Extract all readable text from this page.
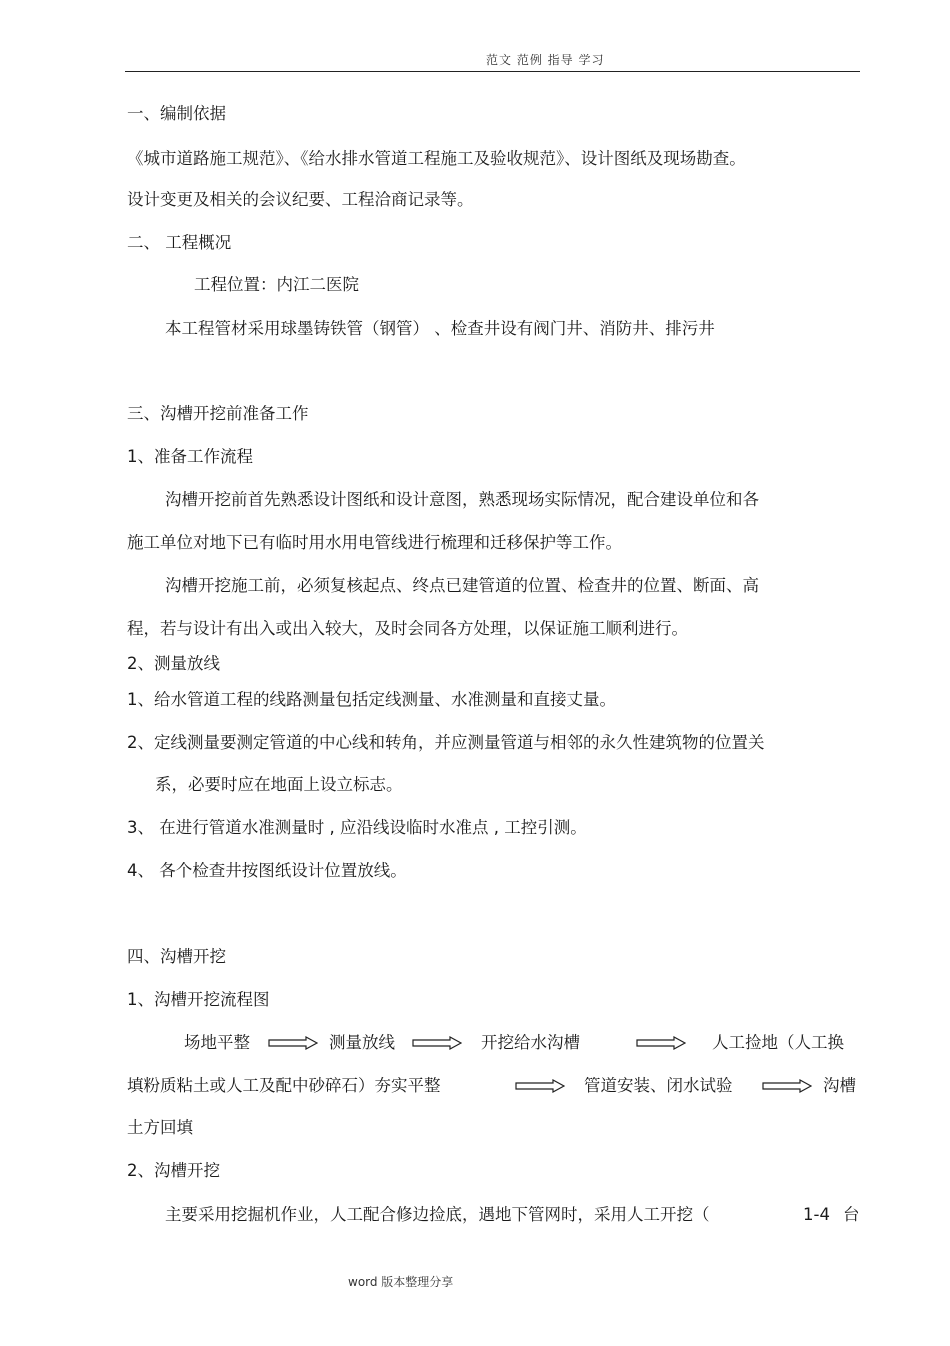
范文 范例 指导 学习
一、编制依据
《城市道路施工规范》、《给水排水管道工程施工及验收规范》、设计图纸及现场勘查。
设计变更及相关的会议纪要、工程洽商记录等。
二、 工程概况
工程位置：内江二医院
本工程管材采用球墨铸铁管（钢管） 、检查井设有阀门井、消防井、排污井
三、沟槽开挖前准备工作
1、准备工作流程
沟槽开挖前首先熟悉设计图纸和设计意图，熟悉现场实际情况，配合建设单位和各
施工单位对地下已有临时用水用电管线进行梳理和迁移保护等工作。
沟槽开挖施工前，必须复核起点、终点已建管道的位置、检查井的位置、断面、高
程，若与设计有出入或出入较大，及时会同各方处理，以保证施工顺利进行。
2、测量放线
1、给水管道工程的线路测量包括定线测量、水准测量和直接丈量。
2、定线测量要测定管道的中心线和转角，并应测量管道与相邻的永久性建筑物的位置关
系，必要时应在地面上设立标志。
3、 在进行管道水准测量时 , 应沿线设临时水准点 , 工控引测。
4、 各个检查井按图纸设计位置放线。
四、沟槽开挖
1、沟槽开挖流程图
场地平整	测量放线	开挖给水沟槽	人工捡地（人工换
填粉质粘土或人工及配中砂碎石）夯实平整	管道安装、闭水试验	沟槽
土方回填
2、沟槽开挖
主要采用挖掘机作业，人工配合修边捡底，遇地下管网时，采用人工开挖（	1-4 台
word 版本整理分享
